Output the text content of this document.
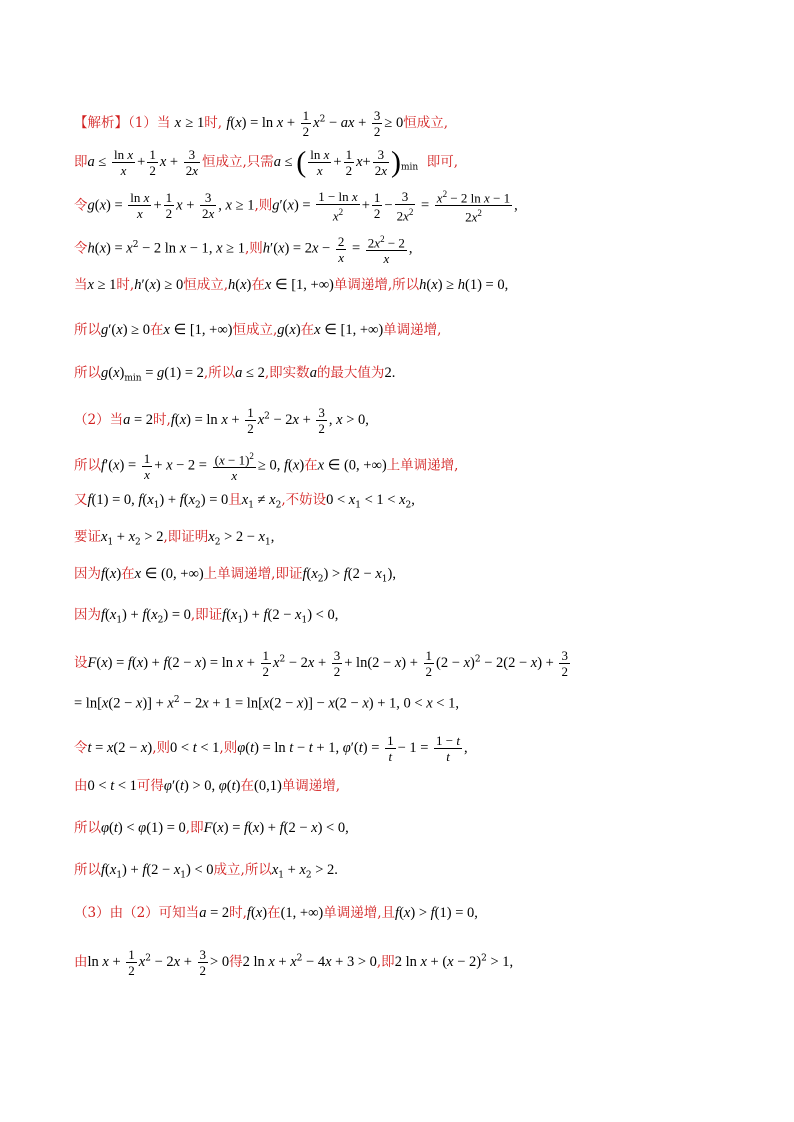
【解析】（1）当 x ≥ 1时, $f(x) = \ln x + \frac{1}{2} x^2$ − ax + $\frac{3}{2} \ge 0$恒成立,
即$a \le \frac{\text{ln x}}{x} + \frac{1}{2}$ $x + \frac{3}{2x}$ 恒成立,只需a ≤ ( $\frac{\text{ln x}}{x} + \frac{1}{2} x+ \frac{3}{2x} )_{min}$ 即可,
令$g(x) = \frac{\text{ln x}}{x} + \frac{1}{2}$ $x + \frac{3}{2x}$ , x ≥ 1,则$g'(x) = \frac{\text{1 − ln x}}{x^2} + \frac{1}{2} - \frac{3}{2x^2} = \frac{x^2 - 2 \ln x - 1}{2x^2}$ ,
令$h(x) = x^2 - 2$ ln x − 1, x ≥ 1,则$h'(x) = 2x - \frac{2}{x} = \frac{2x^2 - 2}{x}$ ,
当x ≥ 1时,h′(x) ≥ 0恒成立,h(x)在x ∈ [1, +∞)单调递增,所以h(x) ≥ h(1) = 0,
所以g′(x) ≥ 0在x ∈ [1, +∞)恒成立,g(x)在x ∈ [1, +∞)单调递增,
所以$g(x)_{min} = g(1) = 2$,所以a ≤ 2,即实数a的最大值为2.
（2）当a = 2时$,f(x) = \ln x + \frac{1}{2} x^2 - 2x + \frac{3}{2}$ , x > 0,
所以$f'(x) = \frac{1}{x} + x - 2 = \frac{(x - 1)^2}{x} \ge 0$, f(x)在x ∈ (0, +∞)上单调递增,
又f(1) = 0, $f(x_1) + f(x_2) = 0$且$x_1 \ne x_2$,不妨设$0 < x_1 < 1 < x_2$,
要证$x_1 + x_2 > 2$,即证明$x_2 > 2 - x_1$,
因为f(x)在x ∈ (0, +∞)上单调递增,即证$f(x_2) > f(2 - x_1)$,
因为$f(x_1) + f(x_2) = 0$,即证$f(x_1) + f(2 - x_1) < 0$,
设$F(x) = f(x) + f(2 - x) = \ln x + \frac{1}{2} x^2 - 2x + \frac{3}{2} + \ln(2 - x) + \frac{1}{2} (2 - x)^2 - 2(2 - x) + \frac{3}{2}$
= $\ln[x(2 - x)] + x^2 - 2x + 1 = \ln[x(2 - x)] - x(2 - x) + 1$, 0 < x < 1,
令t = x(2 − x),则0 < t < 1,则φ(t) = ln t − t + 1, $\varphi'(t) = \frac{1}{t} - 1 = \frac{1 - t}{t}$ ,
由0 < t < 1可得φ′(t) > 0, φ(t)在(0,1)单调递增,
所以φ(t) < φ(1) = 0,即F(x) = f(x) + f(2 − x) < 0,
所以$f(x_1) + f(2 - x_1) < 0$成立,所以$x_1 + x_2 > 2$.
（3）由（2）可知当a = 2时,f(x)在(1, +∞)单调递增,且f(x) > f(1) = 0,
由$\ln x + \frac{1}{2} x^2 - 2x + \frac{3}{2} > 0$得2 $\ln x + x^2 - 4x + 3 > 0$,即2 $\ln x + (x - 2)^2 > 1$,
